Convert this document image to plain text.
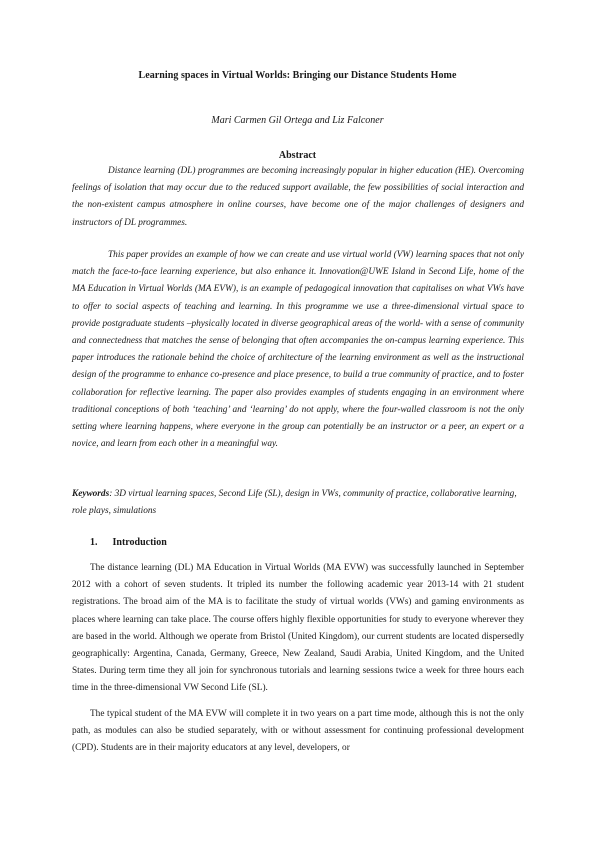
Learning spaces in Virtual Worlds: Bringing our Distance Students Home
Mari Carmen Gil Ortega and Liz Falconer
Abstract
Distance learning (DL) programmes are becoming increasingly popular in higher education (HE). Overcoming feelings of isolation that may occur due to the reduced support available, the few possibilities of social interaction and the non-existent campus atmosphere in online courses, have become one of the major challenges of designers and instructors of DL programmes.
This paper provides an example of how we can create and use virtual world (VW) learning spaces that not only match the face-to-face learning experience, but also enhance it. Innovation@UWE Island in Second Life, home of the MA Education in Virtual Worlds (MA EVW), is an example of pedagogical innovation that capitalises on what VWs have to offer to social aspects of teaching and learning. In this programme we use a three-dimensional virtual space to provide postgraduate students –physically located in diverse geographical areas of the world- with a sense of community and connectedness that matches the sense of belonging that often accompanies the on-campus learning experience. This paper introduces the rationale behind the choice of architecture of the learning environment as well as the instructional design of the programme to enhance co-presence and place presence, to build a true community of practice, and to foster collaboration for reflective learning. The paper also provides examples of students engaging in an environment where traditional conceptions of both ‘teaching’ and ‘learning’ do not apply, where the four-walled classroom is not the only setting where learning happens, where everyone in the group can potentially be an instructor or a peer, an expert or a novice, and learn from each other in a meaningful way.
Keywords: 3D virtual learning spaces, Second Life (SL), design in VWs, community of practice, collaborative learning, role plays, simulations
1. Introduction
The distance learning (DL) MA Education in Virtual Worlds (MA EVW) was successfully launched in September 2012 with a cohort of seven students. It tripled its number the following academic year 2013-14 with 21 student registrations. The broad aim of the MA is to facilitate the study of virtual worlds (VWs) and gaming environments as places where learning can take place. The course offers highly flexible opportunities for study to everyone wherever they are based in the world. Although we operate from Bristol (United Kingdom), our current students are located dispersedly geographically: Argentina, Canada, Germany, Greece, New Zealand, Saudi Arabia, United Kingdom, and the United States. During term time they all join for synchronous tutorials and learning sessions twice a week for three hours each time in the three-dimensional VW Second Life (SL).
The typical student of the MA EVW will complete it in two years on a part time mode, although this is not the only path, as modules can also be studied separately, with or without assessment for continuing professional development (CPD). Students are in their majority educators at any level, developers, or
